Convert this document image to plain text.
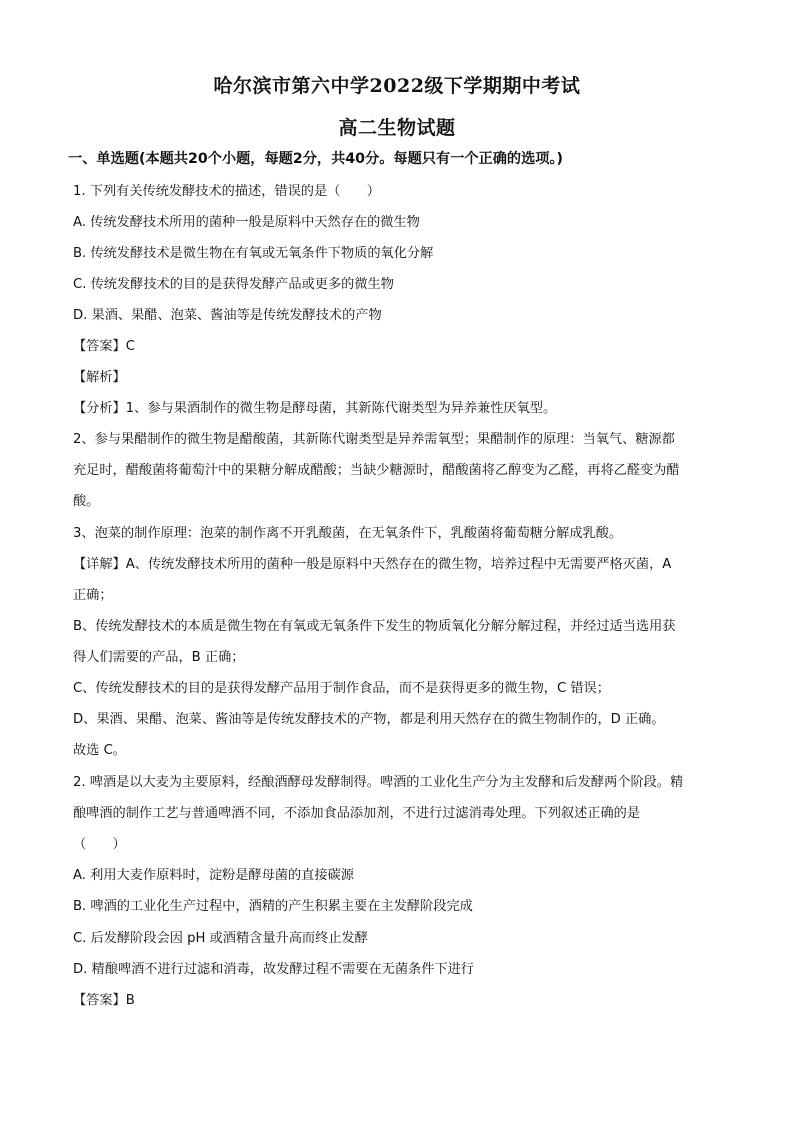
哈尔滨市第六中学2022级下学期期中考试
高二生物试题
一、单选题(本题共20个小题，每题2分，共40分。每题只有一个正确的选项。)
1. 下列有关传统发酵技术的描述，错误的是（　　）
A. 传统发酵技术所用的菌种一般是原料中天然存在的微生物
B. 传统发酵技术是微生物在有氧或无氧条件下物质的氧化分解
C. 传统发酵技术的目的是获得发酵产品或更多的微生物
D. 果酒、果醋、泡菜、酱油等是传统发酵技术的产物
【答案】C
【解析】
【分析】1、参与果酒制作的微生物是酵母菌，其新陈代谢类型为异养兼性厌氧型。
2、参与果醋制作的微生物是醋酸菌，其新陈代谢类型是异养需氧型；果醋制作的原理：当氧气、糖源都
充足时，醋酸菌将葡萄汁中的果糖分解成醋酸；当缺少糖源时，醋酸菌将乙醇变为乙醛，再将乙醛变为醋
酸。
3、泡菜的制作原理：泡菜的制作离不开乳酸菌，在无氧条件下，乳酸菌将葡萄糖分解成乳酸。
【详解】A、传统发酵技术所用的菌种一般是原料中天然存在的微生物，培养过程中无需要严格灭菌，A
正确；
B、传统发酵技术的本质是微生物在有氧或无氧条件下发生的物质氧化分解分解过程，并经过适当选用获
得人们需要的产品，B 正确；
C、传统发酵技术的目的是获得发酵产品用于制作食品，而不是获得更多的微生物，C 错误；
D、果酒、果醋、泡菜、酱油等是传统发酵技术的产物，都是利用天然存在的微生物制作的，D 正确。
故选 C。
2. 啤酒是以大麦为主要原料，经酿酒酵母发酵制得。啤酒的工业化生产分为主发酵和后发酵两个阶段。精
酿啤酒的制作工艺与普通啤酒不同，不添加食品添加剂，不进行过滤消毒处理。下列叙述正确的是
（　　）
A. 利用大麦作原料时，淀粉是酵母菌的直接碳源
B. 啤酒的工业化生产过程中，酒精的产生积累主要在主发酵阶段完成
C. 后发酵阶段会因 pH 或酒精含量升高而终止发酵
D. 精酿啤酒不进行过滤和消毒，故发酵过程不需要在无菌条件下进行
【答案】B
